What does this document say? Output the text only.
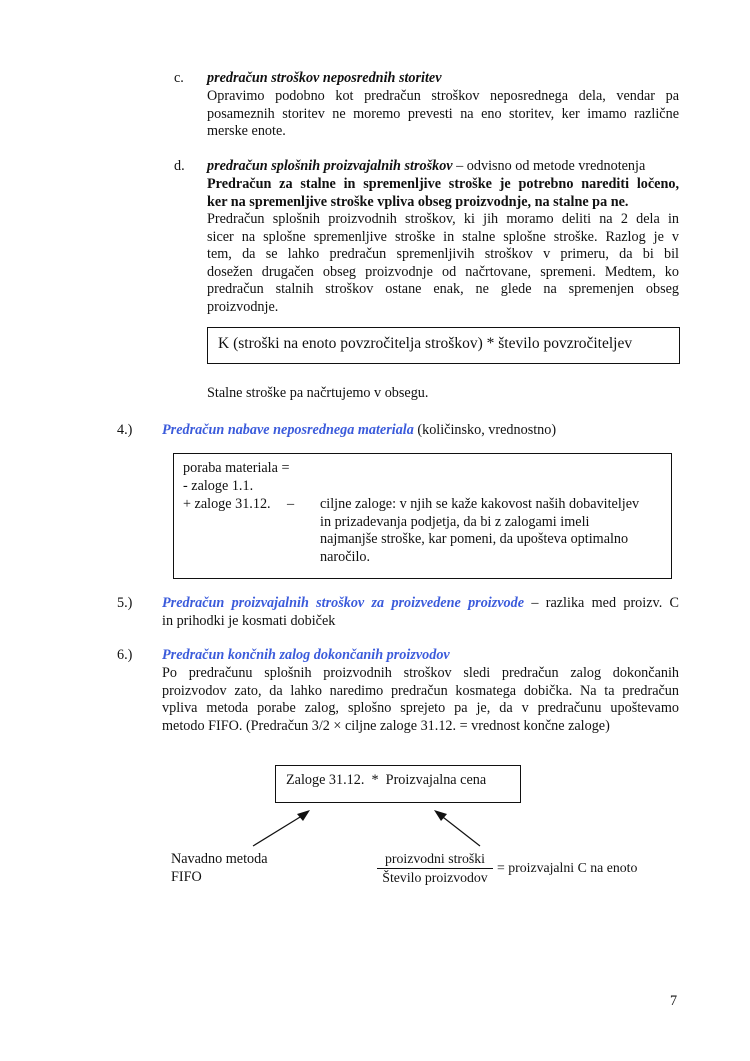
c. predračun stroškov neposrednih storitev
Opravimo podobno kot predračun stroškov neposrednega dela, vendar pa
posameznih storitev ne moremo prevesti na eno storitev, ker imamo različne
merske enote.
d. predračun splošnih proizvajalnih stroškov – odvisno od metode vrednotenja
Predračun za stalne in spremenljive stroške je potrebno narediti ločeno,
ker na spremenljive stroške vpliva obseg proizvodnje, na stalne pa ne.
Predračun splošnih proizvodnih stroškov, ki jih moramo deliti na 2 dela in
sicer na splošne spremenljive stroške in stalne splošne stroške. Razlog je v
tem, da se lahko predračun spremenljivih stroškov v primeru, da bi bil
dosežen drugačen obseg proizvodnje od načrtovane, spremeni. Medtem, ko
predračun stalnih stroškov ostane enak, ne glede na spremenjen obseg
proizvodnje.
K (stroški na enoto povzročitelja stroškov) * število povzročiteljev
Stalne stroške pa načrtujemo v obsegu.
4.) Predračun nabave neposrednega materiala (količinsko, vrednostno)
poraba materiala =
- zaloge 1.1.
+ zaloge 31.12. – ciljne zaloge: v njih se kaže kakovost naših dobaviteljev
in prizadevanja podjetja, da bi z zalogami imeli
najmanjše stroške, kar pomeni, da upošteva optimalno
naročilo.
5.) Predračun proizvajalnih stroškov za proizvedene proizvode – razlika med proizv. C
in prihodki je kosmati dobiček
6.) Predračun končnih zalog dokončanih proizvodov
Po predračunu splošnih proizvodnih stroškov sledi predračun zalog dokončanih
proizvodov zato, da lahko naredimo predračun kosmatega dobička. Na ta predračun
vpliva metoda porabe zalog, splošno sprejeto pa je, da v predračunu upoštevamo
metodo FIFO. (Predračun 3/2 × ciljne zaloge 31.12. = vrednost končne zaloge)
Zaloge 31.12.  *  Proizvajalna cena
Navadno metoda
FIFO
proizvodni stroški
Število proizvodov
= proizvajalni C na enoto
7
